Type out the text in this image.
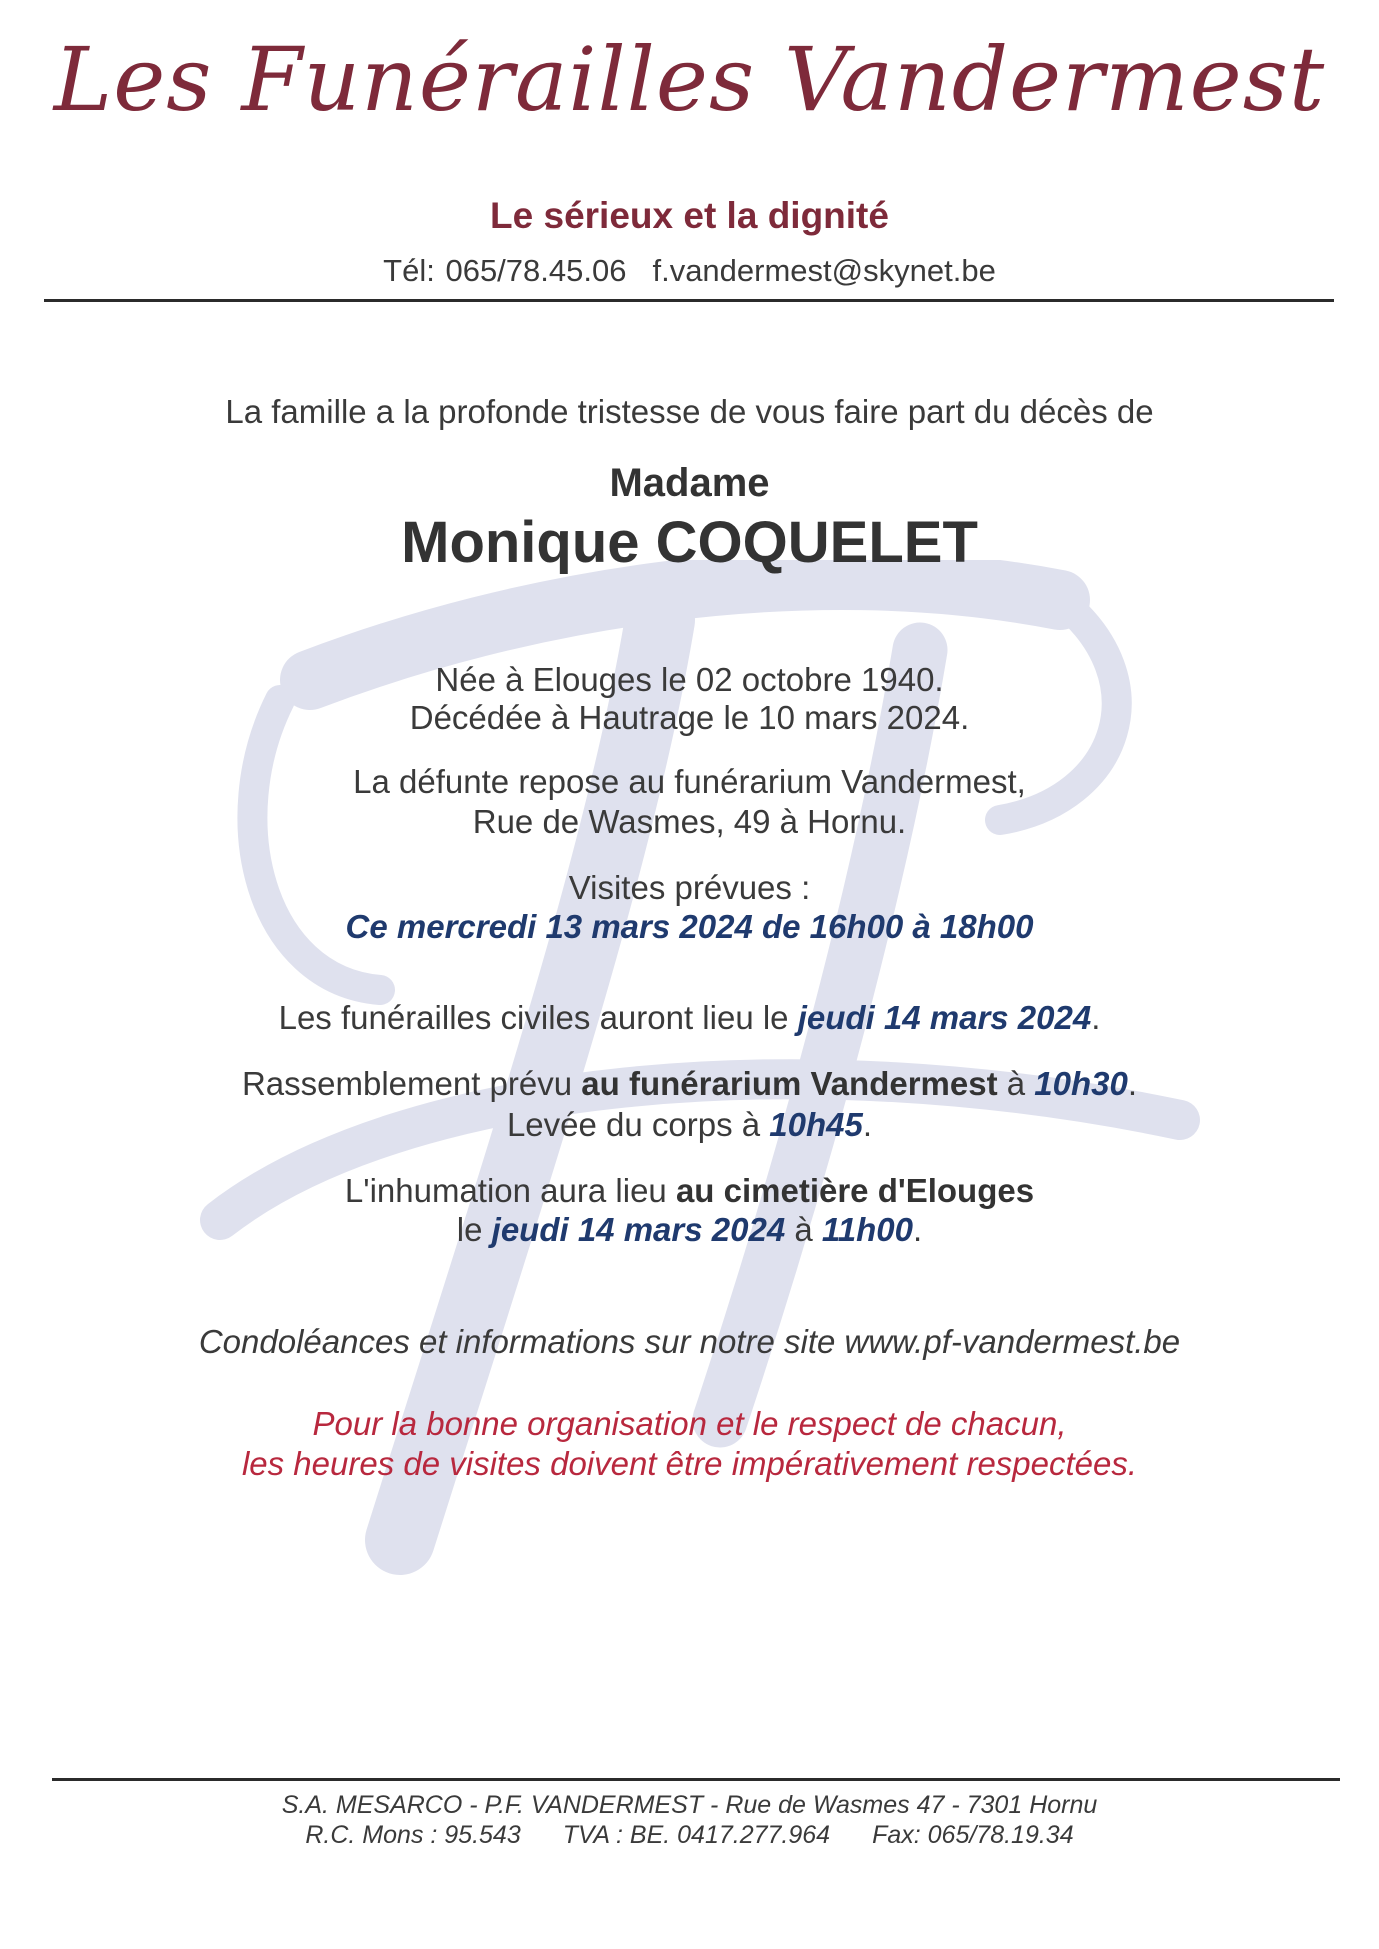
Les Funérailles Vandermest
Le sérieux et la dignité
Tél: 065/78.45.06 f.vandermest@skynet.be
La famille a la profonde tristesse de vous faire part du décès de
Madame
Monique COQUELET
Née à Elouges le 02 octobre 1940.
Décédée à Hautrage le 10 mars 2024.
La défunte repose au funérarium Vandermest,
Rue de Wasmes, 49 à Hornu.
Visites prévues :
Ce mercredi 13 mars 2024 de 16h00 à 18h00
Les funérailles civiles auront lieu le jeudi 14 mars 2024.
Rassemblement prévu au funérarium Vandermest à 10h30.
Levée du corps à 10h45.
L'inhumation aura lieu au cimetière d'Elouges
le jeudi 14 mars 2024 à 11h00.
Condoléances et informations sur notre site www.pf-vandermest.be
Pour la bonne organisation et le respect de chacun,
les heures de visites doivent être impérativement respectées.
S.A. MESARCO - P.F. VANDERMEST - Rue de Wasmes 47 - 7301 Hornu
R.C. Mons : 95.543 TVA : BE. 0417.277.964 Fax: 065/78.19.34
